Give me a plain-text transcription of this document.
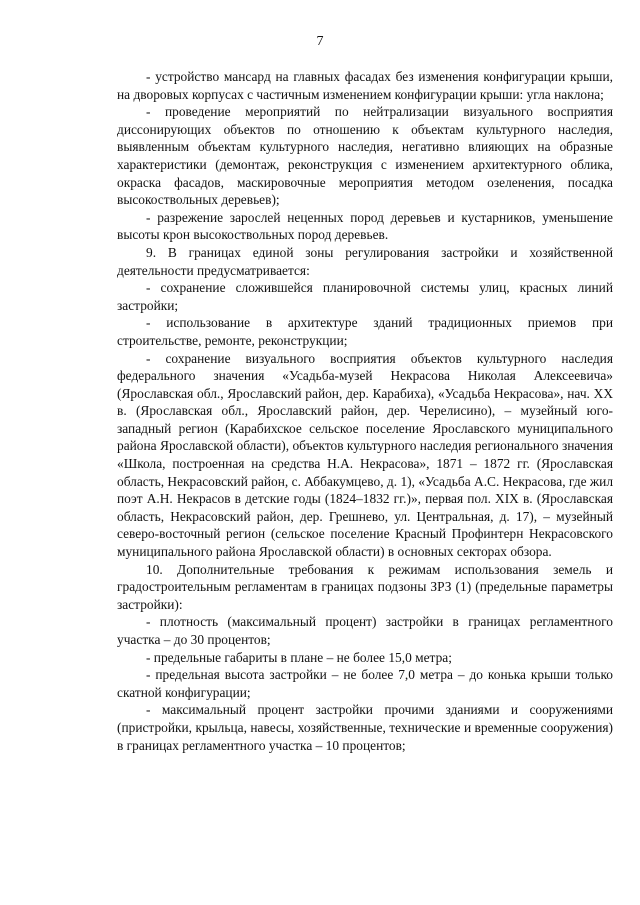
7

- устройство мансард на главных фасадах без изменения конфигурации крыши, на дворовых корпусах с частичным изменением конфигурации крыши: угла наклона;

- проведение мероприятий по нейтрализации визуального восприятия диссонирующих объектов по отношению к объектам культурного наследия, выявленным объектам культурного наследия, негативно влияющих на образные характеристики (демонтаж, реконструкция с изменением архитектурного облика, окраска фасадов, маскировочные мероприятия методом озеленения, посадка высокоствольных деревьев);

- разрежение зарослей неценных пород деревьев и кустарников, уменьшение высоты крон высокоствольных пород деревьев.

9. В границах единой зоны регулирования застройки и хозяйственной деятельности предусматривается:

- сохранение сложившейся планировочной системы улиц, красных линий застройки;

- использование в архитектуре зданий традиционных приемов при строительстве, ремонте, реконструкции;

- сохранение визуального восприятия объектов культурного наследия федерального значения «Усадьба-музей Некрасова Николая Алексеевича» (Ярославская обл., Ярославский район, дер. Карабиха), «Усадьба Некрасова», нач. XX в. (Ярославская обл., Ярославский район, дер. Черелисино), – музейный юго-западный регион (Карабихское сельское поселение Ярославского муниципального района Ярославской области), объектов культурного наследия регионального значения «Школа, построенная на средства Н.А. Некрасова», 1871 – 1872 гг. (Ярославская область, Некрасовский район, с. Аббакумцево, д. 1), «Усадьба А.С. Некрасова, где жил поэт А.Н. Некрасов в детские годы (1824–1832 гг.)», первая пол. XIX в. (Ярославская область, Некрасовский район, дер. Грешнево, ул. Центральная, д. 17), – музейный северо-восточный регион (сельское поселение Красный Профинтерн Некрасовского муниципального района Ярославской области) в основных секторах обзора.

10. Дополнительные требования к режимам использования земель и градостроительным регламентам в границах подзоны ЗРЗ (1) (предельные параметры застройки):

- плотность (максимальный процент) застройки в границах регламентного участка – до 30 процентов;

- предельные габариты в плане – не более 15,0 метра;

- предельная высота застройки – не более 7,0 метра – до конька крыши только скатной конфигурации;

- максимальный процент застройки прочими зданиями и сооружениями (пристройки, крыльца, навесы, хозяйственные, технические и временные сооружения) в границах регламентного участка – 10 процентов;
